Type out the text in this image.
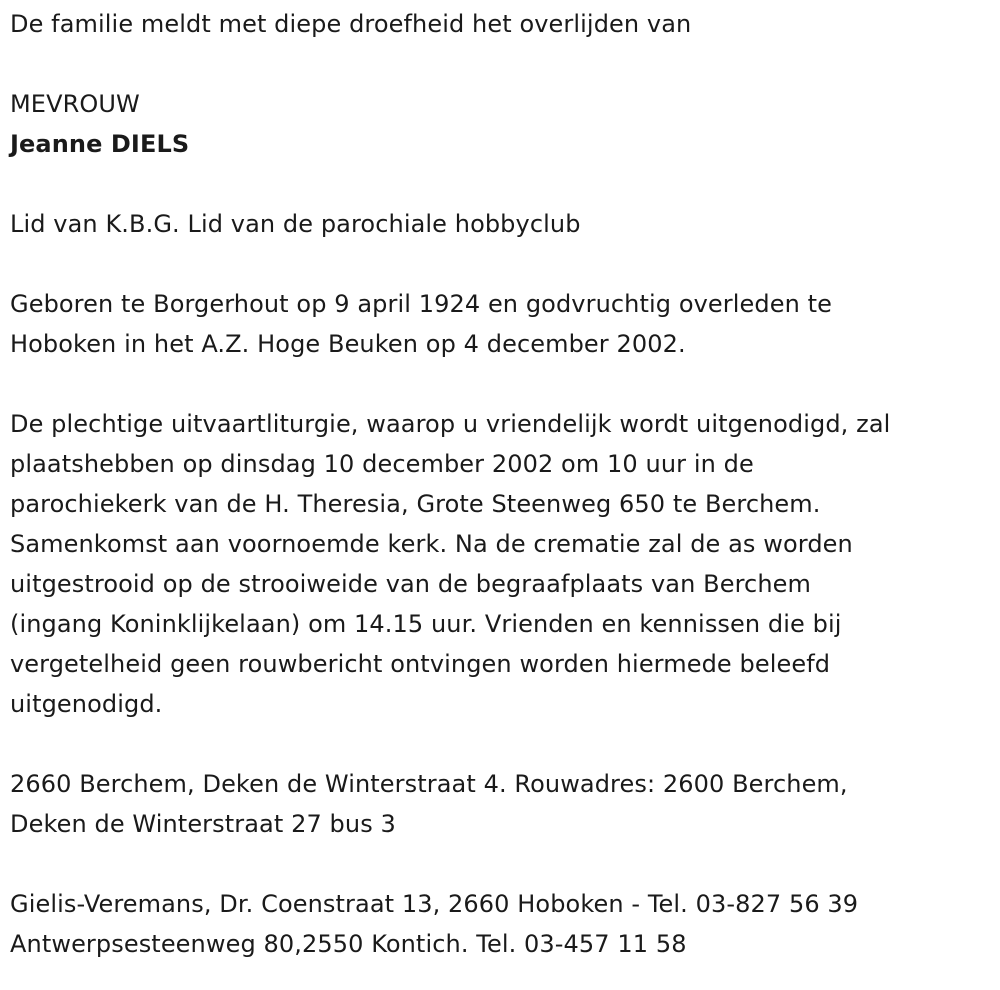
De familie meldt met diepe droefheid het overlijden van
MEVROUW
Jeanne DIELS
Lid van K.B.G. Lid van de parochiale hobbyclub
Geboren te Borgerhout op 9 april 1924 en godvruchtig overleden te
Hoboken in het A.Z. Hoge Beuken op 4 december 2002.
De plechtige uitvaartliturgie, waarop u vriendelijk wordt uitgenodigd, zal
plaatshebben op dinsdag 10 december 2002 om 10 uur in de
parochiekerk van de H. Theresia, Grote Steenweg 650 te Berchem.
Samenkomst aan voornoemde kerk. Na de crematie zal de as worden
uitgestrooid op de strooiweide van de begraafplaats van Berchem
(ingang Koninklijkelaan) om 14.15 uur. Vrienden en kennissen die bij
vergetelheid geen rouwbericht ontvingen worden hiermede beleefd
uitgenodigd.
2660 Berchem, Deken de Winterstraat 4. Rouwadres: 2600 Berchem,
Deken de Winterstraat 27 bus 3
Gielis-Veremans, Dr. Coenstraat 13, 2660 Hoboken - Tel. 03-827 56 39
Antwerpsesteenweg 80,2550 Kontich. Tel. 03-457 11 58
